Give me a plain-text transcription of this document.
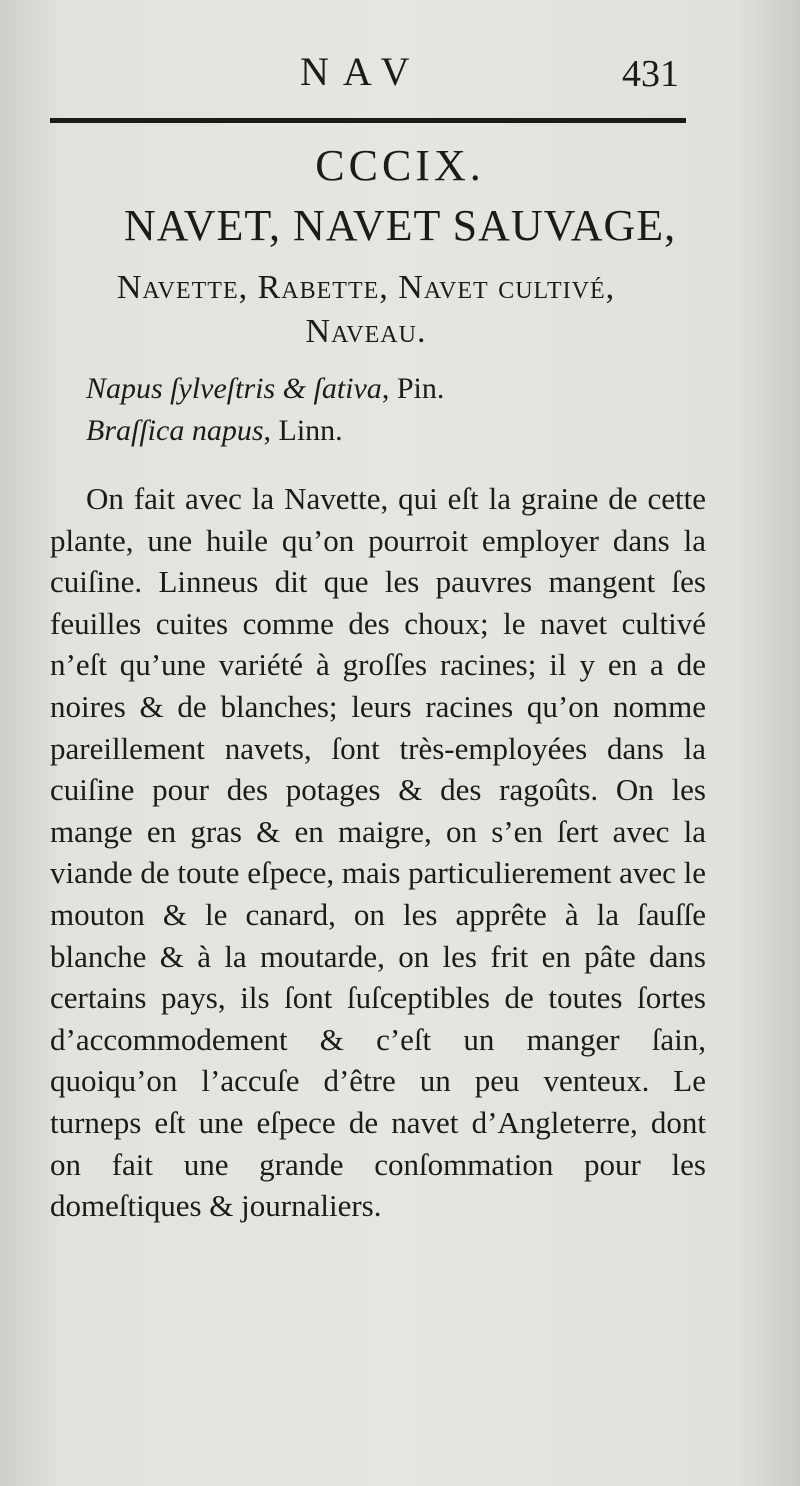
NAV	431
CCCIX.
NAVET, NAVET SAUVAGE,
Navette, Rabette, Navet cultivé,
Naveau.
Napus ſylveſtris & ſativa, Pin.
Braſſica napus, Linn.

On fait avec la Navette, qui eſt la graine de cette plante, une huile qu’on pourroit employer dans la cuiſine. Linneus dit que les pauvres mangent ſes feuilles cuites comme des choux; le navet cultivé n’eſt qu’une variété à groſſes racines; il y en a de noires & de blanches; leurs racines qu’on nomme pareillement navets, ſont très-employées dans la cuiſine pour des potages & des ragoûts. On les mange en gras & en maigre, on s’en ſert avec la viande de toute eſpece, mais particulierement avec le mouton & le canard, on les apprête à la ſauſſe blanche & à la moutarde, on les frit en pâte dans certains pays, ils ſont ſuſceptibles de toutes ſortes d’accommodement & c’eſt un manger ſain, quoiqu’on l’accuſe d’être un peu venteux. Le turneps eſt une eſpece de navet d’Angleterre, dont on fait une grande conſommation pour les domeſtiques & journaliers.
